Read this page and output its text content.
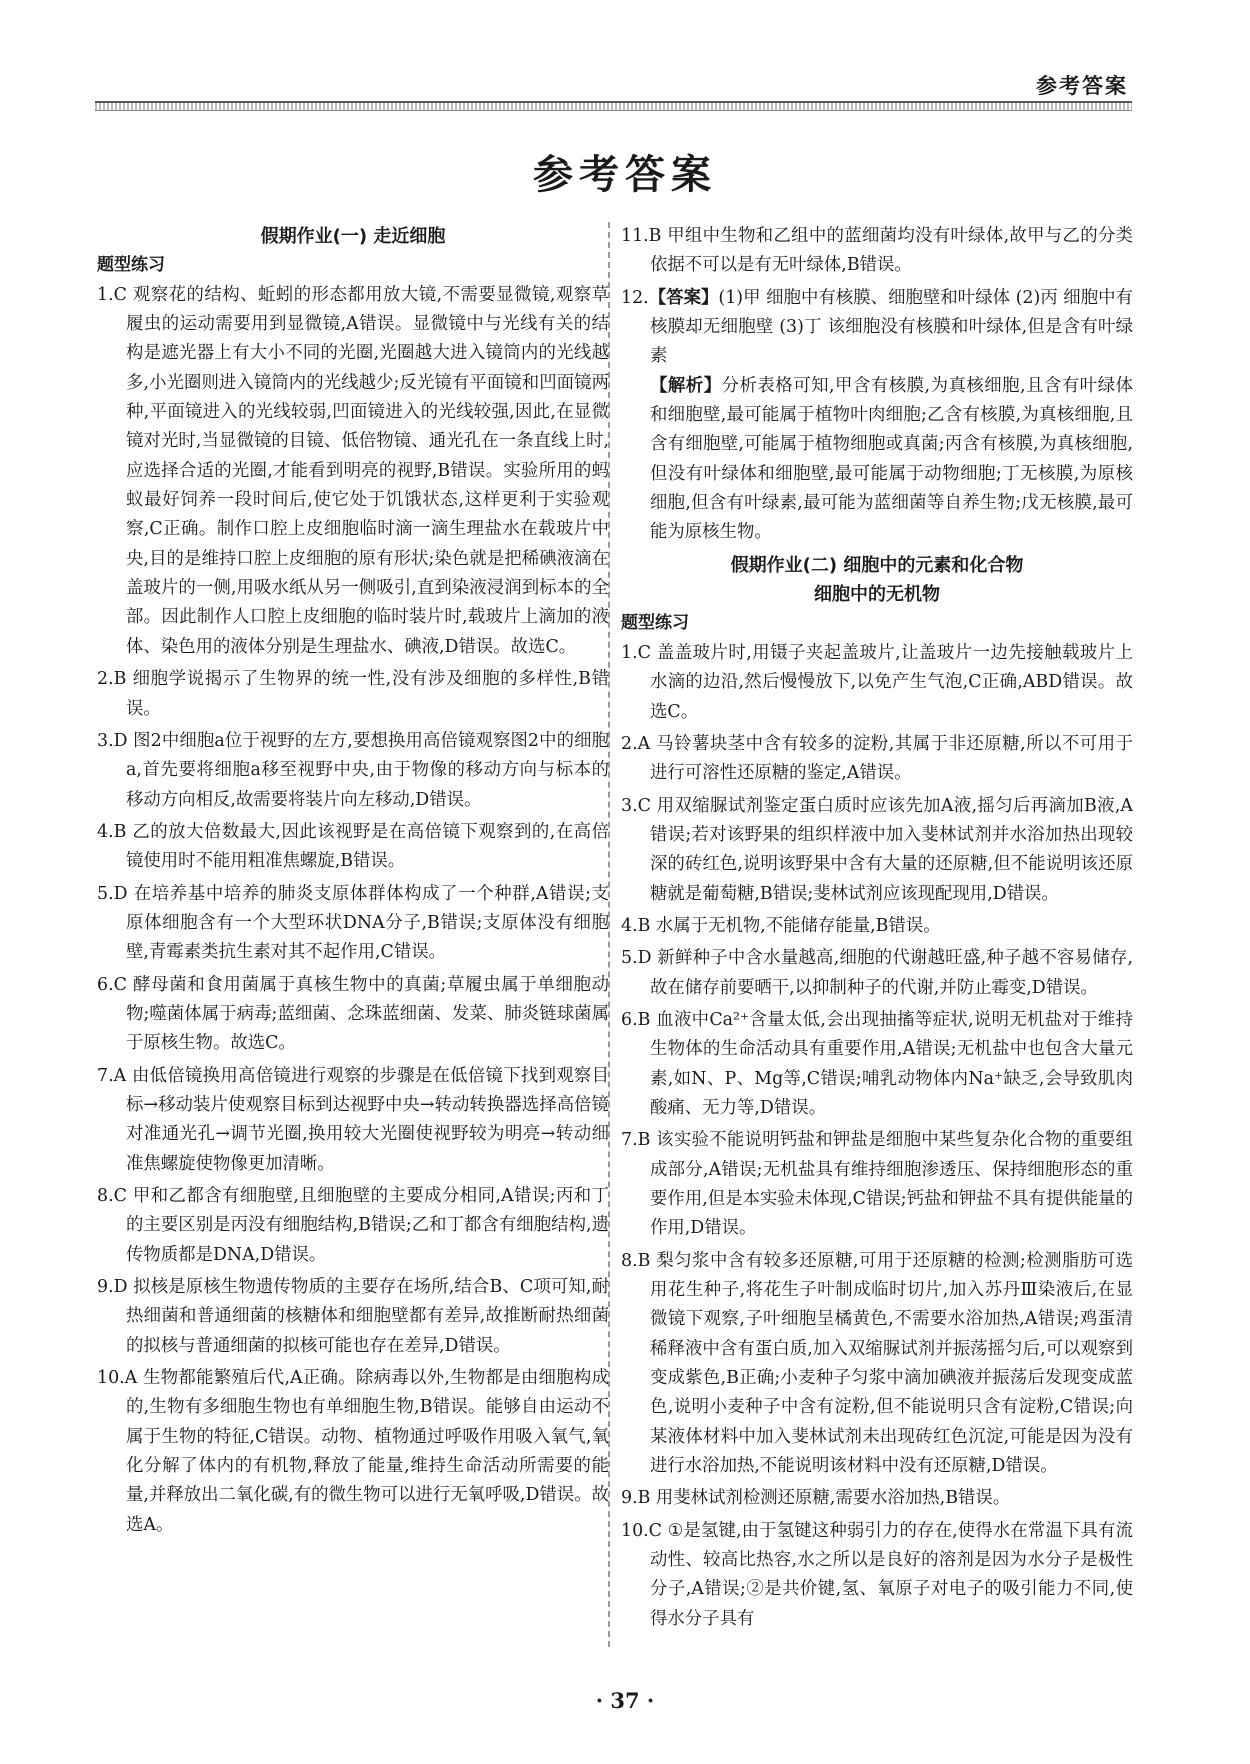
参考答案
参考答案
假期作业(一) 走近细胞
题型练习

1.C 观察花的结构、蚯蚓的形态都用放大镜,不需要显微镜,观察草履虫的运动需要用到显微镜,A错误。显微镜中与光线有关的结构是遮光器上有大小不同的光圈,光圈越大进入镜筒内的光线越多,小光圈则进入镜筒内的光线越少;反光镜有平面镜和凹面镜两种,平面镜进入的光线较弱,凹面镜进入的光线较强,因此,在显微镜对光时,当显微镜的目镜、低倍物镜、通光孔在一条直线上时,应选择合适的光圈,才能看到明亮的视野,B错误。实验所用的蚂蚁最好饲养一段时间后,使它处于饥饿状态,这样更利于实验观察,C正确。制作口腔上皮细胞临时滴一滴生理盐水在载玻片中央,目的是维持口腔上皮细胞的原有形状;染色就是把稀碘液滴在盖玻片的一侧,用吸水纸从另一侧吸引,直到染液浸润到标本的全部。因此制作人口腔上皮细胞的临时装片时,载玻片上滴加的液体、染色用的液体分别是生理盐水、碘液,D错误。故选C。

2.B 细胞学说揭示了生物界的统一性,没有涉及细胞的多样性,B错误。

3.D 图2中细胞a位于视野的左方,要想换用高倍镜观察图2中的细胞a,首先要将细胞a移至视野中央,由于物像的移动方向与标本的移动方向相反,故需要将装片向左移动,D错误。

4.B 乙的放大倍数最大,因此该视野是在高倍镜下观察到的,在高倍镜使用时不能用粗准焦螺旋,B错误。

5.D 在培养基中培养的肺炎支原体群体构成了一个种群,A错误;支原体细胞含有一个大型环状DNA分子,B错误;支原体没有细胞壁,青霉素类抗生素对其不起作用,C错误。

6.C 酵母菌和食用菌属于真核生物中的真菌;草履虫属于单细胞动物;噬菌体属于病毒;蓝细菌、念珠蓝细菌、发菜、肺炎链球菌属于原核生物。故选C。

7.A 由低倍镜换用高倍镜进行观察的步骤是在低倍镜下找到观察目标→移动装片使观察目标到达视野中央→转动转换器选择高倍镜对准通光孔→调节光圈,换用较大光圈使视野较为明亮→转动细准焦螺旋使物像更加清晰。

8.C 甲和乙都含有细胞壁,且细胞壁的主要成分相同,A错误;丙和丁的主要区别是丙没有细胞结构,B错误;乙和丁都含有细胞结构,遗传物质都是DNA,D错误。

9.D 拟核是原核生物遗传物质的主要存在场所,结合B、C项可知,耐热细菌和普通细菌的核糖体和细胞壁都有差异,故推断耐热细菌的拟核与普通细菌的拟核可能也存在差异,D错误。

10.A 生物都能繁殖后代,A正确。除病毒以外,生物都是由细胞构成的,生物有多细胞生物也有单细胞生物,B错误。能够自由运动不属于生物的特征,C错误。动物、植物通过呼吸作用吸入氧气,氧化分解了体内的有机物,释放了能量,维持生命活动所需要的能量,并释放出二氧化碳,有的微生物可以进行无氧呼吸,D错误。故选A。

11.B 甲组中生物和乙组中的蓝细菌均没有叶绿体,故甲与乙的分类依据不可以是有无叶绿体,B错误。

12.【答案】(1)甲 细胞中有核膜、细胞壁和叶绿体 (2)丙 细胞中有核膜却无细胞壁 (3)丁 该细胞没有核膜和叶绿体,但是含有叶绿素

【解析】分析表格可知,甲含有核膜,为真核细胞,且含有叶绿体和细胞壁,最可能属于植物叶肉细胞;乙含有核膜,为真核细胞,且含有细胞壁,可能属于植物细胞或真菌;丙含有核膜,为真核细胞,但没有叶绿体和细胞壁,最可能属于动物细胞;丁无核膜,为原核细胞,但含有叶绿素,最可能为蓝细菌等自养生物;戊无核膜,最可能为原核生物。

假期作业(二) 细胞中的元素和化合物
细胞中的无机物
题型练习

1.C 盖盖玻片时,用镊子夹起盖玻片,让盖玻片一边先接触载玻片上水滴的边沿,然后慢慢放下,以免产生气泡,C正确,ABD错误。故选C。

2.A 马铃薯块茎中含有较多的淀粉,其属于非还原糖,所以不可用于进行可溶性还原糖的鉴定,A错误。

3.C 用双缩脲试剂鉴定蛋白质时应该先加A液,摇匀后再滴加B液,A错误;若对该野果的组织样液中加入斐林试剂并水浴加热出现较深的砖红色,说明该野果中含有大量的还原糖,但不能说明该还原糖就是葡萄糖,B错误;斐林试剂应该现配现用,D错误。

4.B 水属于无机物,不能储存能量,B错误。

5.D 新鲜种子中含水量越高,细胞的代谢越旺盛,种子越不容易储存,故在储存前要晒干,以抑制种子的代谢,并防止霉变,D错误。

6.B 血液中Ca²⁺含量太低,会出现抽搐等症状,说明无机盐对于维持生物体的生命活动具有重要作用,A错误;无机盐中也包含大量元素,如N、P、Mg等,C错误;哺乳动物体内Na⁺缺乏,会导致肌肉酸痛、无力等,D错误。

7.B 该实验不能说明钙盐和钾盐是细胞中某些复杂化合物的重要组成部分,A错误;无机盐具有维持细胞渗透压、保持细胞形态的重要作用,但是本实验未体现,C错误;钙盐和钾盐不具有提供能量的作用,D错误。

8.B 梨匀浆中含有较多还原糖,可用于还原糖的检测;检测脂肪可选用花生种子,将花生子叶制成临时切片,加入苏丹Ⅲ染液后,在显微镜下观察,子叶细胞呈橘黄色,不需要水浴加热,A错误;鸡蛋清稀释液中含有蛋白质,加入双缩脲试剂并振荡摇匀后,可以观察到变成紫色,B正确;小麦种子匀浆中滴加碘液并振荡后发现变成蓝色,说明小麦种子中含有淀粉,但不能说明只含有淀粉,C错误;向某液体材料中加入斐林试剂未出现砖红色沉淀,可能是因为没有进行水浴加热,不能说明该材料中没有还原糖,D错误。

9.B 用斐林试剂检测还原糖,需要水浴加热,B错误。

10.C ①是氢键,由于氢键这种弱引力的存在,使得水在常温下具有流动性、较高比热容,水之所以是良好的溶剂是因为水分子是极性分子,A错误;②是共价键,氢、氧原子对电子的吸引能力不同,使得水分子具有

· 37 ·
